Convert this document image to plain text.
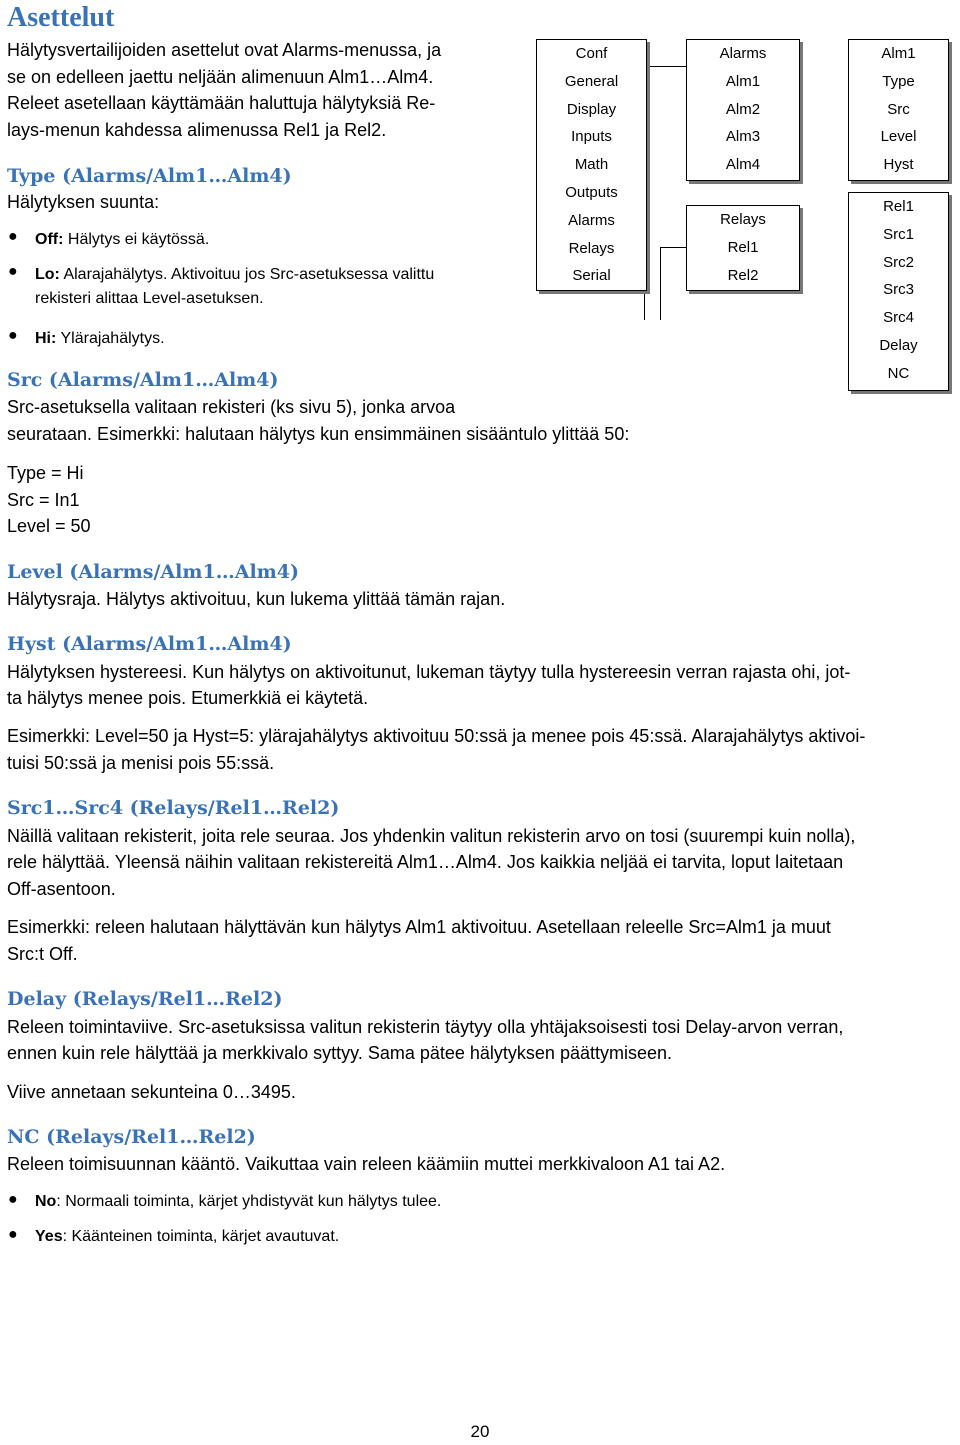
Asettelut

Hälytysvertailijoiden asettelut ovat Alarms-menussa, ja

se on edelleen jaettu neljään alimenuun Alm1…Alm4.

Releet asetellaan käyttämään haluttuja hälytyksiä Re-

lays-menun kahdessa alimenussa Rel1 ja Rel2.

Type (Alarms/Alm1…Alm4)

Hälytyksen suunta:

● Off: Hälytys ei käytössä.
● Lo: Alarajahälytys. Aktivoituu jos Src-asetuksessa valittu
rekisteri alittaa Level-asetuksen.
● Hi: Ylärajahälytys.
Src (Alarms/Alm1…Alm4)

Src-asetuksella valitaan rekisteri (ks sivu 5), jonka arvoa

seurataan. Esimerkki: halutaan hälytys kun ensimmäinen sisääntulo ylittää 50:

Type = Hi

Src = In1

Level = 50

Level (Alarms/Alm1…Alm4)

Hälytysraja. Hälytys aktivoituu, kun lukema ylittää tämän rajan.

Hyst (Alarms/Alm1…Alm4)

Hälytyksen hystereesi. Kun hälytys on aktivoitunut, lukeman täytyy tulla hystereesin verran rajasta ohi, jot-

ta hälytys menee pois. Etumerkkiä ei käytetä.

Esimerkki: Level=50 ja Hyst=5: ylärajahälytys aktivoituu 50:ssä ja menee pois 45:ssä. Alarajahälytys aktivoi-

tuisi 50:ssä ja menisi pois 55:ssä.

Src1…Src4 (Relays/Rel1…Rel2)

Näillä valitaan rekisterit, joita rele seuraa. Jos yhdenkin valitun rekisterin arvo on tosi (suurempi kuin nolla),

rele hälyttää. Yleensä näihin valitaan rekistereitä Alm1…Alm4. Jos kaikkia neljää ei tarvita, loput laitetaan

Off-asentoon.

Esimerkki: releen halutaan hälyttävän kun hälytys Alm1 aktivoituu. Asetellaan releelle Src=Alm1 ja muut

Src:t Off.

Delay (Relays/Rel1…Rel2)

Releen toimintaviive. Src-asetuksissa valitun rekisterin täytyy olla yhtäjaksoisesti tosi Delay-arvon verran,

ennen kuin rele hälyttää ja merkkivalo syttyy. Sama pätee hälytyksen päättymiseen.

Viive annetaan sekunteina 0…3495.

NC (Relays/Rel1…Rel2)

Releen toimisuunnan kääntö. Vaikuttaa vain releen käämiin muttei merkkivaloon A1 tai A2.

● No: Normaali toiminta, kärjet yhdistyvät kun hälytys tulee.
● Yes: Käänteinen toiminta, kärjet avautuvat.
Conf
General
Display
Inputs
Math
Outputs
Alarms
Relays
Serial
Alarms
Alm1
Alm2
Alm3
Alm4
Relays
Rel1
Rel2
Alm1
Type
Src
Level
Hyst
Rel1
Src1
Src2
Src3
Src4
Delay
NC
20
